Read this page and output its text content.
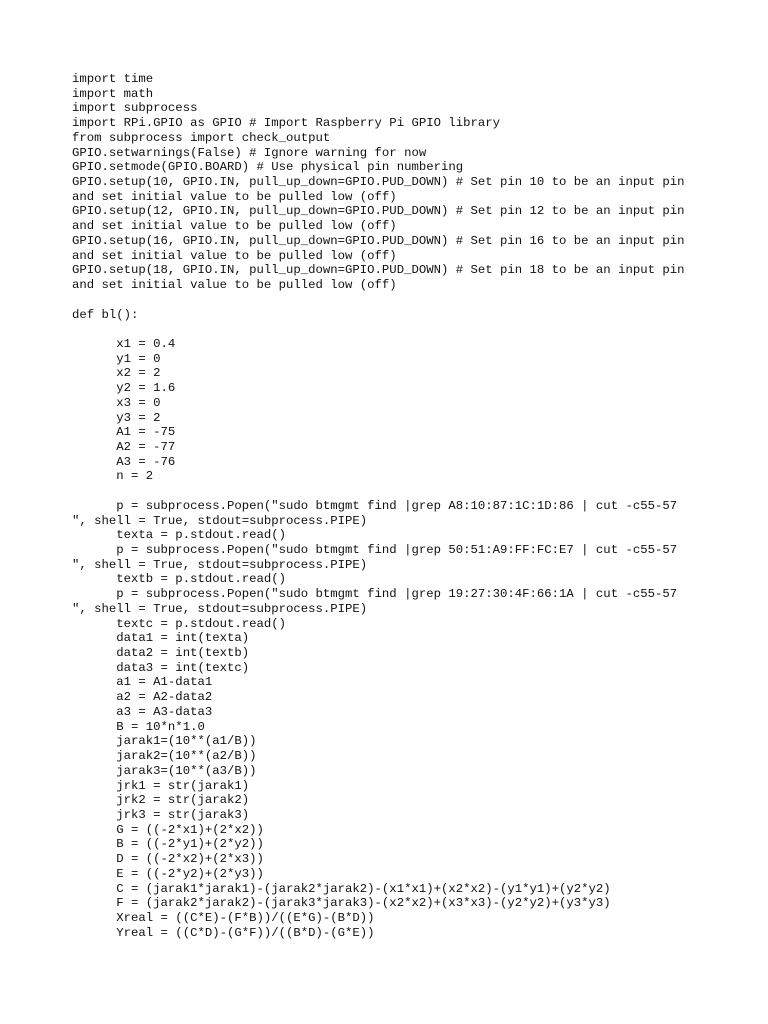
import time
import math
import subprocess
import RPi.GPIO as GPIO # Import Raspberry Pi GPIO library
from subprocess import check_output
GPIO.setwarnings(False) # Ignore warning for now
GPIO.setmode(GPIO.BOARD) # Use physical pin numbering
GPIO.setup(10, GPIO.IN, pull_up_down=GPIO.PUD_DOWN) # Set pin 10 to be an input pin
and set initial value to be pulled low (off)
GPIO.setup(12, GPIO.IN, pull_up_down=GPIO.PUD_DOWN) # Set pin 12 to be an input pin
and set initial value to be pulled low (off)
GPIO.setup(16, GPIO.IN, pull_up_down=GPIO.PUD_DOWN) # Set pin 16 to be an input pin
and set initial value to be pulled low (off)
GPIO.setup(18, GPIO.IN, pull_up_down=GPIO.PUD_DOWN) # Set pin 18 to be an input pin
and set initial value to be pulled low (off)
def bl():
x1 = 0.4
y1 = 0
x2 = 2
y2 = 1.6
x3 = 0
y3 = 2
A1 = -75
A2 = -77
A3 = -76
n = 2
p = subprocess.Popen("sudo btmgmt find |grep A8:10:87:1C:1D:86 | cut -c55-57
", shell = True, stdout=subprocess.PIPE)
texta = p.stdout.read()
p = subprocess.Popen("sudo btmgmt find |grep 50:51:A9:FF:FC:E7 | cut -c55-57
", shell = True, stdout=subprocess.PIPE)
textb = p.stdout.read()
p = subprocess.Popen("sudo btmgmt find |grep 19:27:30:4F:66:1A | cut -c55-57
", shell = True, stdout=subprocess.PIPE)
textc = p.stdout.read()
data1 = int(texta)
data2 = int(textb)
data3 = int(textc)
a1 = A1-data1
a2 = A2-data2
a3 = A3-data3
B = 10*n*1.0
jarak1=(10**(a1/B))
jarak2=(10**(a2/B))
jarak3=(10**(a3/B))
jrk1 = str(jarak1)
jrk2 = str(jarak2)
jrk3 = str(jarak3)
G = ((-2*x1)+(2*x2))
B = ((-2*y1)+(2*y2))
D = ((-2*x2)+(2*x3))
E = ((-2*y2)+(2*y3))
C = (jarak1*jarak1)-(jarak2*jarak2)-(x1*x1)+(x2*x2)-(y1*y1)+(y2*y2)
F = (jarak2*jarak2)-(jarak3*jarak3)-(x2*x2)+(x3*x3)-(y2*y2)+(y3*y3)
Xreal = ((C*E)-(F*B))/((E*G)-(B*D))
Yreal = ((C*D)-(G*F))/((B*D)-(G*E))
